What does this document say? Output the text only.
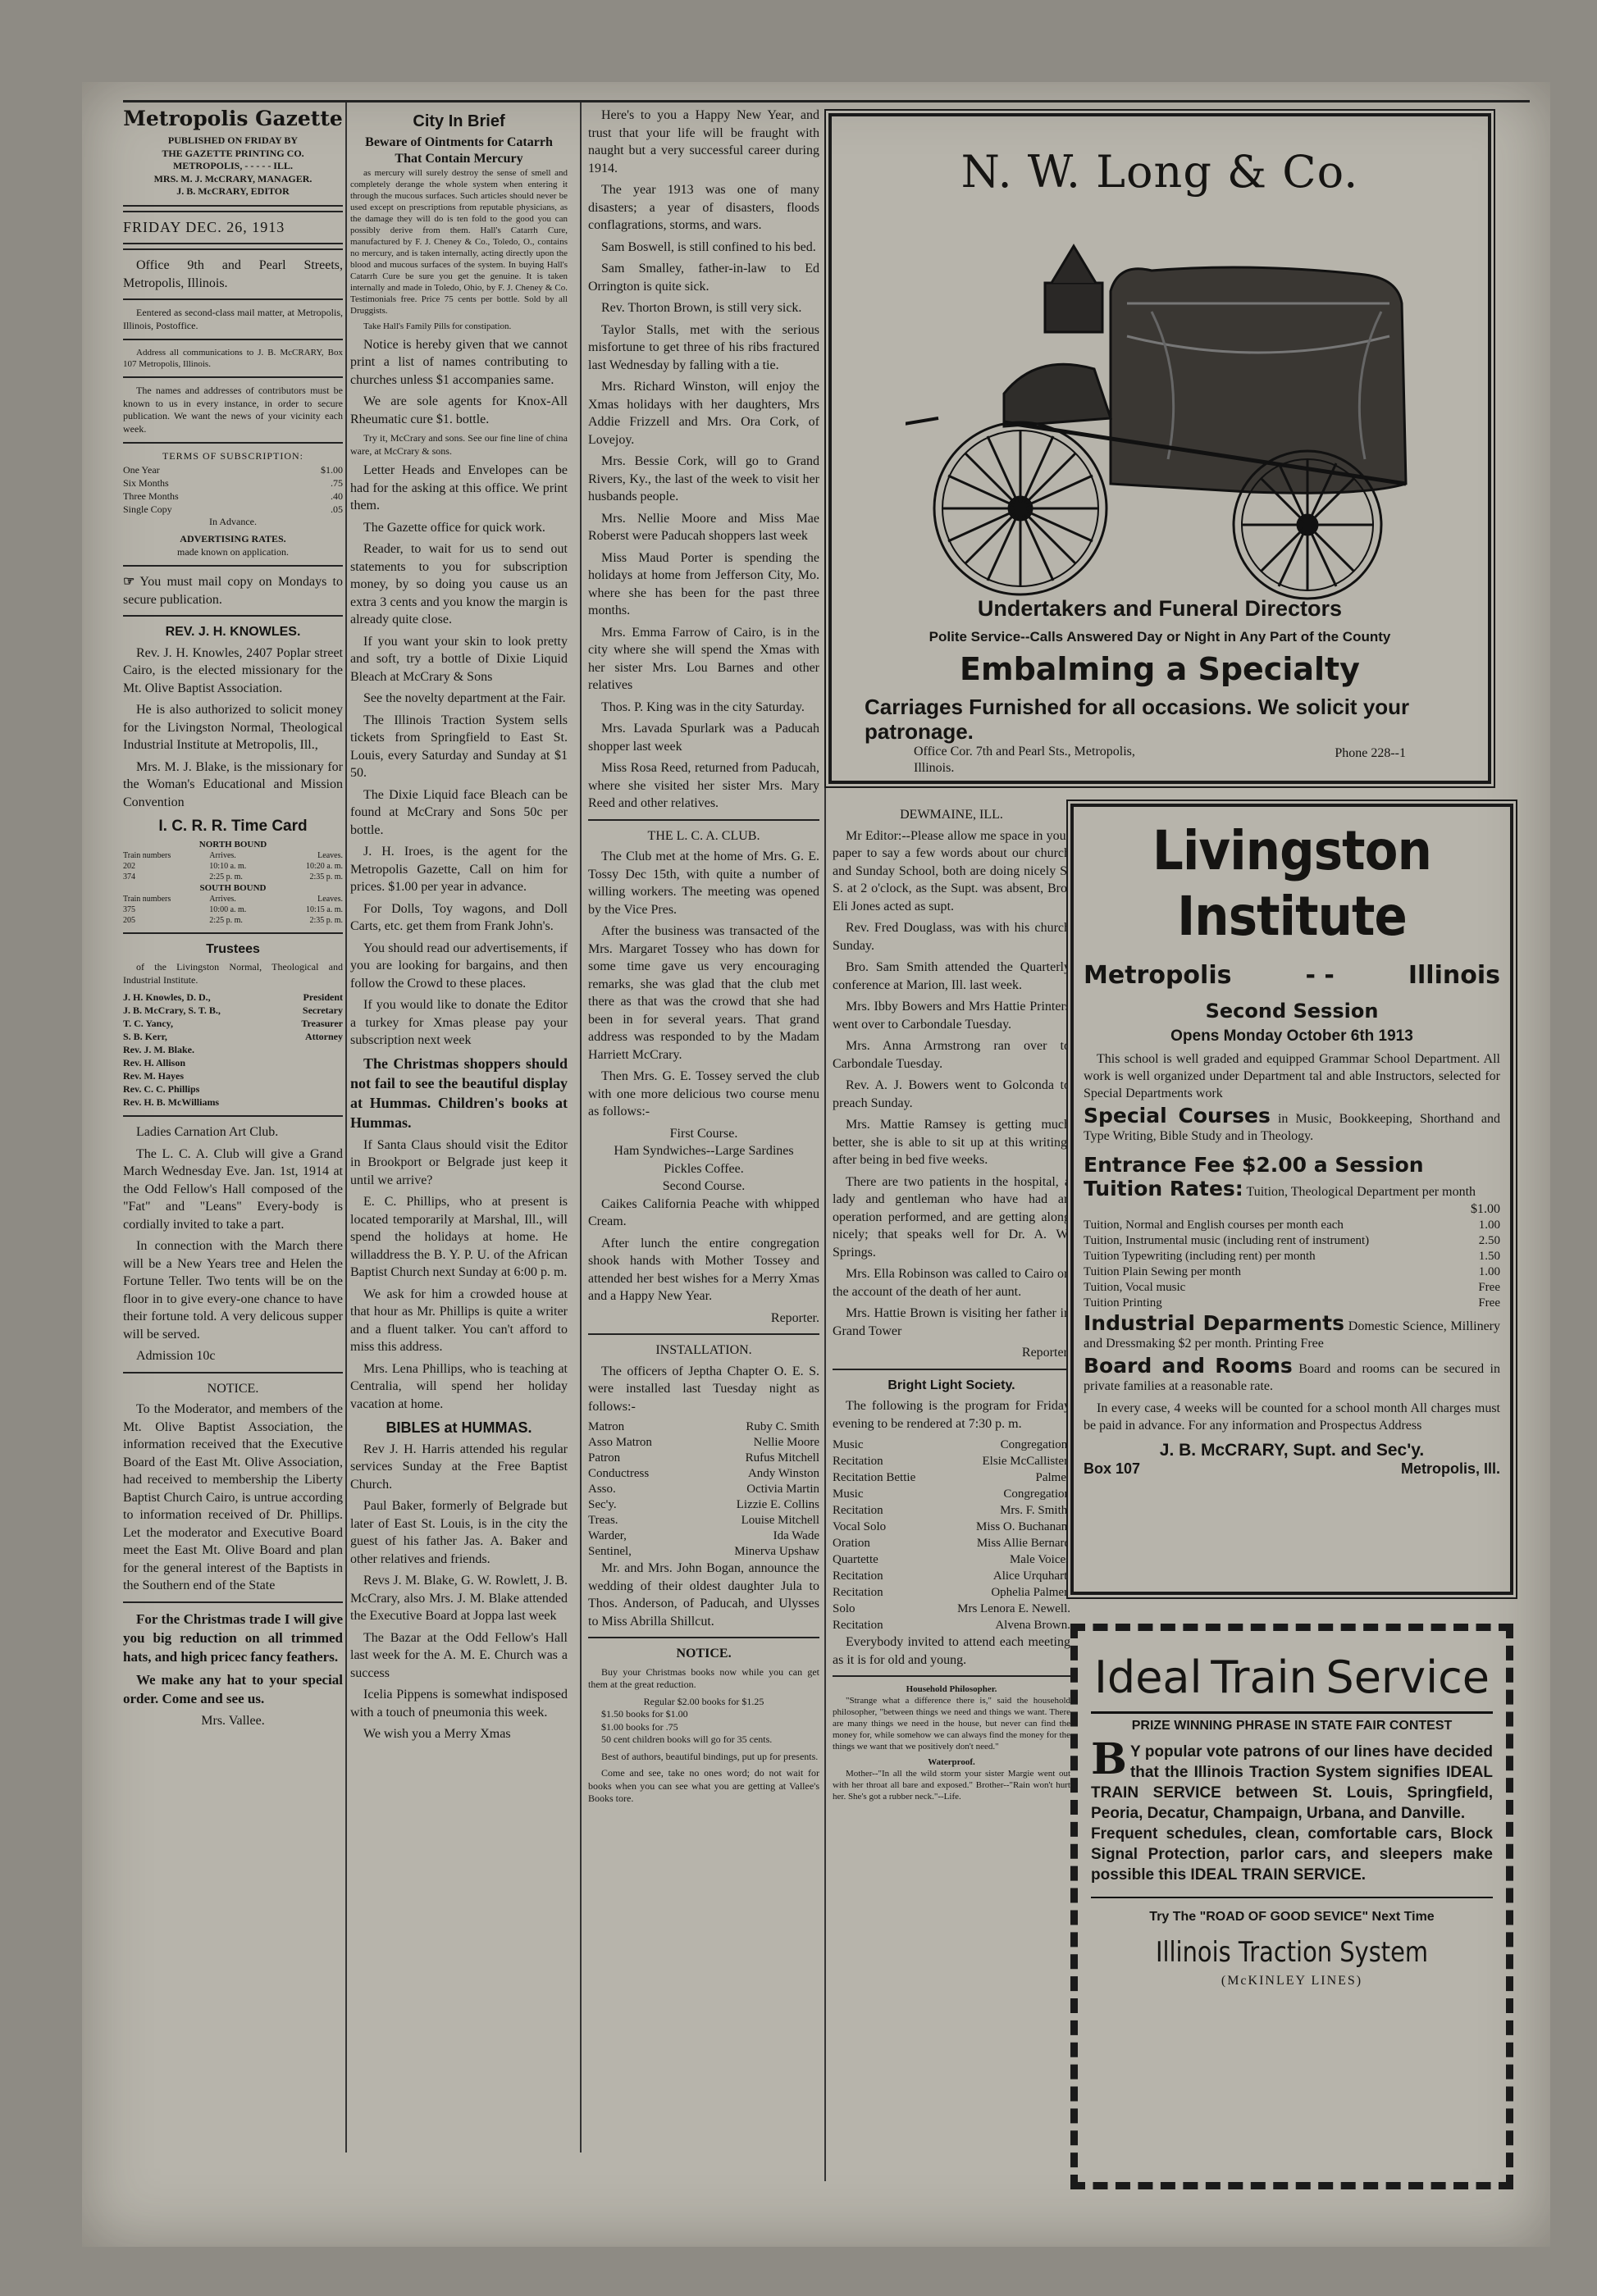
Metropolis Gazette
PUBLISHED ON FRIDAY BY
THE GAZETTE PRINTING CO.
METROPOLIS, - - - - - ILL.
MRS. M. J. McCRARY, MANAGER.
J. B. McCRARY, EDITOR
FRIDAY DEC. 26, 1913

Office 9th and Pearl Streets, Metropolis, Illinois.

Eentered as second-class mail matter, at Metropolis, Illinois, Postoffice.

Address all communications to J. B. McCRARY, Box 107 Metropolis, Illinois.

The names and addresses of contributors must be known to us in every instance, in order to secure publication. We want the news of your vicinity each week.

TERMS OF SUBSCRIPTION:
One Year	$1.00
Six Months	.75
Three Months	.40
Single Copy	.05
In Advance.
ADVERTISING RATES.
made known on application.

☞ You must mail copy on Mondays to secure publication.

REV. J. H. KNOWLES.

Rev. J. H. Knowles, 2407 Poplar street Cairo, is the elected missionary for the Mt. Olive Baptist Association.

He is also authorized to solicit money for the Livingston Normal, Theological Industrial Institute at Metropolis, Ill.,

Mrs. M. J. Blake, is the missionary for the Woman's Educational and Mission Convention

I. C. R. R. Time Card
NORTH BOUND
Train numbers	Arrives.	Leaves.
202	10:10 a. m.	10:20 a. m.
374	2:25 p. m.	2:35 p. m.
SOUTH BOUND
Train numbers	Arrives.	Leaves.
375	10:00 a. m.	10:15 a. m.
205	2:25 p. m.	2:35 p. m.
Trustees

of the Livingston Normal, Theological and Industrial Institute.

J. H. Knowles, D. D.,	President
J. B. McCrary, S. T. B.,	Secretary
T. C. Yancy,	Treasurer
S. B. Kerr,	Attorney
Rev. J. M. Blake.	
Rev. H. Allison	
Rev. M. Hayes	
Rev. C. C. Phillips	
Rev. H. B. McWilliams	

Ladies Carnation Art Club.

The L. C. A. Club will give a Grand March Wednesday Eve. Jan. 1st, 1914 at the Odd Fellow's Hall composed of the "Fat" and "Leans" Every-body is cordially invited to take a part.

In connection with the March there will be a New Years tree and Helen the Fortune Teller. Two tents will be on the floor in to give every-one chance to have their fortune told. A very delicous supper will be served.

Admission 10c

NOTICE.

To the Moderator, and members of the Mt. Olive Baptist Association, the information received that the Executive Board of the East Mt. Olive Association, had received to membership the Liberty Baptist Church Cairo, is untrue according to information received of Dr. Phillips. Let the moderator and Executive Board meet the East Mt. Olive Board and plan for the general interest of the Baptists in the Southern end of the State

For the Christmas trade I will give you big reduction on all trimmed hats, and high pricec fancy feathers.

We make any hat to your special order. Come and see us.

Mrs. Vallee.

City In Brief
Beware of Ointments for Catarrh That Contain Mercury

as mercury will surely destroy the sense of smell and completely derange the whole system when entering it through the mucous surfaces. Such articles should never be used except on prescriptions from reputable physicians, as the damage they will do is ten fold to the good you can possibly derive from them. Hall's Catarrh Cure, manufactured by F. J. Cheney & Co., Toledo, O., contains no mercury, and is taken internally, acting directly upon the blood and mucous surfaces of the system. In buying Hall's Catarrh Cure be sure you get the genuine. It is taken internally and made in Toledo, Ohio, by F. J. Cheney & Co. Testimonials free. Price 75 cents per bottle. Sold by all Druggists.

Take Hall's Family Pills for constipation.

Notice is hereby given that we cannot print a list of names contributing to churches unless $1 accompanies same.

We are sole agents for Knox-All Rheumatic cure $1. bottle.

Try it, McCrary and sons. See our fine line of china ware, at McCrary & sons.

Letter Heads and Envelopes can be had for the asking at this office. We print them.

The Gazette office for quick work.

Reader, to wait for us to send out statements to you for subscription money, by so doing you cause us an extra 3 cents and you know the margin is already quite close.

If you want your skin to look pretty and soft, try a bottle of Dixie Liquid Bleach at McCrary & Sons

See the novelty department at the Fair.

The Illinois Traction System sells tickets from Springfield to East St. Louis, every Saturday and Sunday at $1 50.

The Dixie Liquid face Bleach can be found at McCrary and Sons 50c per bottle.

J. H. Iroes, is the agent for the Metropolis Gazette, Call on him for prices. $1.00 per year in advance.

For Dolls, Toy wagons, and Doll Carts, etc. get them from Frank John's.

You should read our advertisements, if you are looking for bargains, and then follow the Crowd to these places.

If you would like to donate the Editor a turkey for Xmas please pay your subscription next week

The Christmas shoppers should not fail to see the beautiful display at Hummas. Children's books at Hummas.

If Santa Claus should visit the Editor in Brookport or Belgrade just keep it until we arrive?

E. C. Phillips, who at present is located temporarily at Marshal, Ill., will spend the holidays at home. He willaddress the B. Y. P. U. of the African Baptist Church next Sunday at 6:00 p. m.

We ask for him a crowded house at that hour as Mr. Phillips is quite a writer and a fluent talker. You can't afford to miss this address.

Mrs. Lena Phillips, who is teaching at Centralia, will spend her holiday vacation at home.

BIBLES at HUMMAS.

Rev J. H. Harris attended his regular services Sunday at the Free Baptist Church.

Paul Baker, formerly of Belgrade but later of East St. Louis, is in the city the guest of his father Jas. A. Baker and other relatives and friends.

Revs J. M. Blake, G. W. Rowlett, J. B. McCrary, also Mrs. J. M. Blake attended the Executive Board at Joppa last week

The Bazar at the Odd Fellow's Hall last week for the A. M. E. Church was a success

Icelia Pippens is somewhat indisposed with a touch of pneumonia this week.

We wish you a Merry Xmas

Here's to you a Happy New Year, and trust that your life will be fraught with naught but a very successful career during 1914.

The year 1913 was one of many disasters; a year of disasters, floods conflagrations, storms, and wars.

Sam Boswell, is still confined to his bed.

Sam Smalley, father-in-law to Ed Orrington is quite sick.

Rev. Thorton Brown, is still very sick.

Taylor Stalls, met with the serious misfortune to get three of his ribs fractured last Wednesday by falling with a tie.

Mrs. Richard Winston, will enjoy the Xmas holidays with her daughters, Mrs Addie Frizzell and Mrs. Ora Cork, of Lovejoy.

Mrs. Bessie Cork, will go to Grand Rivers, Ky., the last of the week to visit her husbands people.

Mrs. Nellie Moore and Miss Mae Roberst were Paducah shoppers last week

Miss Maud Porter is spending the holidays at home from Jefferson City, Mo. where she has been for the past three months.

Mrs. Emma Farrow of Cairo, is in the city where she will spend the Xmas with her sister Mrs. Lou Barnes and other relatives

Thos. P. King was in the city Saturday.

Mrs. Lavada Spurlark was a Paducah shopper last week

Miss Rosa Reed, returned from Paducah, where she visited her sister Mrs. Mary Reed and other relatives.

THE L. C. A. CLUB.

The Club met at the home of Mrs. G. E. Tossy Dec 15th, with quite a number of willing workers. The meeting was opened by the Vice Pres.

After the business was transacted of the Mrs. Margaret Tossey who has down for some time gave us very encouraging remarks, she was glad that the club met there as that was the crowd that she had been in for several years. That grand address was responded to by the Madam Harriett McCrary.

Then Mrs. G. E. Tossey served the club with one more delicious two course menu as follows:-

First Course.
Ham Syndwiches--Large Sardines
Pickles Coffee.
Second Course.

Caikes California Peache with whipped Cream.

After lunch the entire congregation shook hands with Mother Tossey and attended her best wishes for a Merry Xmas and a Happy New Year.

Reporter.

INSTALLATION.

The officers of Jeptha Chapter O. E. S. were installed last Tuesday night as follows:-

Matron	Ruby C. Smith
Asso Matron	Nellie Moore
Patron	Rufus Mitchell
Conductress	Andy Winston
Asso.	Octivia Martin
Sec'y.	Lizzie E. Collins
Treas.	Louise Mitchell
Warder,	Ida Wade
Sentinel,	Minerva Upshaw

Mr. and Mrs. John Bogan, announce the wedding of their oldest daughter Jula to Thos. Anderson, of Paducah, and Ulysses to Miss Abrilla Shillcut.

NOTICE.

Buy your Christmas books now while you can get them at the great reduction.

Regular $2.00 books for $1.25
$1.50 books for $1.00
$1.00 books for .75

50 cent children books will go for 35 cents.

Best of authors, beautiful bindings, put up for presents.

Come and see, take no ones word; do not wait for books when you can see what you are getting at Vallee's Books tore.

N. W. Long & Co.
Undertakers and Funeral Directors
Polite Service--Calls Answered Day or Night in Any Part of the County
Embalming a Specialty
Carriages Furnished for all occasions. We solicit your patronage.
Office Cor. 7th and Pearl Sts., Metropolis, Illinois.
Phone 228--1
DEWMAINE, ILL.

Mr Editor:--Please allow me space in your paper to say a few words about our church and Sunday School, both are doing nicely S. S. at 2 o'clock, as the Supt. was absent, Bro. Eli Jones acted as supt.

Rev. Fred Douglass, was with his church Sunday.

Bro. Sam Smith attended the Quarterly conference at Marion, Ill. last week.

Mrs. Ibby Bowers and Mrs Hattie Printers went over to Carbondale Tuesday.

Mrs. Anna Armstrong ran over to Carbondale Tuesday.

Rev. A. J. Bowers went to Golconda to preach Sunday.

Mrs. Mattie Ramsey is getting much better, she is able to sit up at this writing, after being in bed five weeks.

There are two patients in the hospital, a lady and gentleman who have had an operation performed, and are getting along nicely; that speaks well for Dr. A. W. Springs.

Mrs. Ella Robinson was called to Cairo on the account of the death of her aunt.

Mrs. Hattie Brown is visiting her father in Grand Tower

Reporter.

Bright Light Society.

The following is the program for Friday evening to be rendered at 7:30 p. m.

Music	Congregation.
Recitation	Elsie McCallister.
Recitation Bettie	Palmer
Music	Congregation
Recitation	Mrs. F. Smith.
Vocal Solo	Miss O. Buchanan.
Oration	Miss Allie Bernard
Quartette	Male Voices
Recitation	Alice Urquhart.
Recitation	Ophelia Palmer.
Solo	Mrs Lenora E. Newell.
Recitation	Alvena Brown.

Everybody invited to attend each meeting as it is for old and young.

Household Philosopher.

"Strange what a difference there is," said the household philosopher, "between things we need and things we want. There are many things we need in the house, but never can find the money for, while somehow we can always find the money for the things we want that we positively don't need."

Waterproof.

Mother--"In all the wild storm your sister Margie went out with her throat all bare and exposed." Brother--"Rain won't hurt her. She's got a rubber neck."--Life.

Livingston Institute
Metropolis	- -	Illinois
Second Session
Opens Monday October 6th 1913

This school is well graded and equipped Grammar School Department. All work is well organized under Department tal and able Instructors, selected for Special Departments work

Special Courses in Music, Bookkeeping, Shorthand and Type Writing, Bible Study and in Theology.
Entrance Fee $2.00 a Session
Tuition Rates: Tuition, Theological Department per month
$1.00
Tuition, Normal and English courses per month each	1.00
Tuition, Instrumental music (including rent of instrument)	2.50
Tuition Typewriting (including rent) per month	1.50
Tuition Plain Sewing per month	1.00
Tuition, Vocal music	Free
Tuition Printing	Free
Industrial Deparments Domestic Science, Millinery and Dressmaking $2 per month. Printing Free
Board and Rooms Board and rooms can be secured in private families at a reasonable rate.

In every case, 4 weeks will be counted for a school month All charges must be paid in advance. For any information and Prospectus Address

J. B. McCRARY, Supt. and Sec'y.
Box 107	Metropolis, Ill.
Ideal Train Service
PRIZE WINNING PHRASE IN STATE FAIR CONTEST
B Y popular vote patrons of our lines have decided that the Illinois Traction System signifies IDEAL TRAIN SERVICE between St. Louis, Springfield, Peoria, Decatur, Champaign, Urbana, and Danville.

Frequent schedules, clean, comfortable cars, Block Signal Protection, parlor cars, and sleepers make possible this IDEAL TRAIN SERVICE.

Try The "ROAD OF GOOD SEVICE" Next Time
Illinois Traction System
(McKINLEY LINES)
